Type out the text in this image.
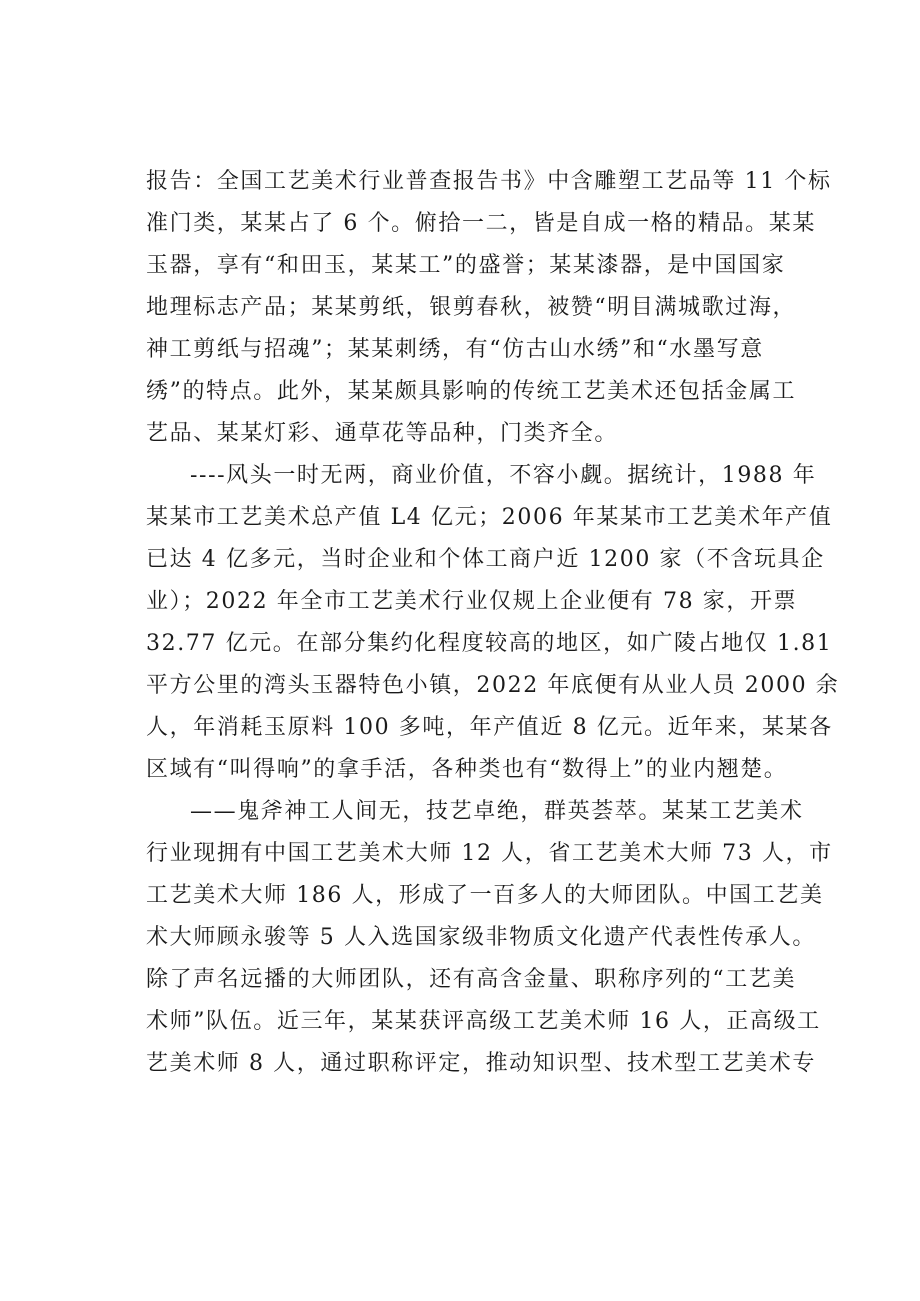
报告：全国工艺美术行业普查报告书》中含雕塑工艺品等 11 个标
准门类，某某占了 6 个。俯拾一二，皆是自成一格的精品。某某
玉器，享有“和田玉，某某工”的盛誉；某某漆器，是中国国家
地理标志产品；某某剪纸，银剪春秋，被赞“明目满城歌过海，
神工剪纸与招魂”；某某刺绣，有“仿古山水绣”和“水墨写意
绣”的特点。此外，某某颇具影响的传统工艺美术还包括金属工
艺品、某某灯彩、通草花等品种，门类齐全。
----风头一时无两，商业价值，不容小觑。据统计，1988 年
某某市工艺美术总产值 L4 亿元；2006 年某某市工艺美术年产值
已达 4 亿多元，当时企业和个体工商户近 1200 家（不含玩具企
业）；2022 年全市工艺美术行业仅规上企业便有 78 家，开票
32.77 亿元。在部分集约化程度较高的地区，如广陵占地仅 1.81
平方公里的湾头玉器特色小镇，2022 年底便有从业人员 2000 余
人，年消耗玉原料 100 多吨，年产值近 8 亿元。近年来，某某各
区域有“叫得响”的拿手活，各种类也有“数得上”的业内翘楚。
——鬼斧神工人间无，技艺卓绝，群英荟萃。某某工艺美术
行业现拥有中国工艺美术大师 12 人，省工艺美术大师 73 人，市
工艺美术大师 186 人，形成了一百多人的大师团队。中国工艺美
术大师顾永骏等 5 人入选国家级非物质文化遗产代表性传承人。
除了声名远播的大师团队，还有高含金量、职称序列的“工艺美
术师”队伍。近三年，某某获评高级工艺美术师 16 人，正高级工
艺美术师 8 人，通过职称评定，推动知识型、技术型工艺美术专
